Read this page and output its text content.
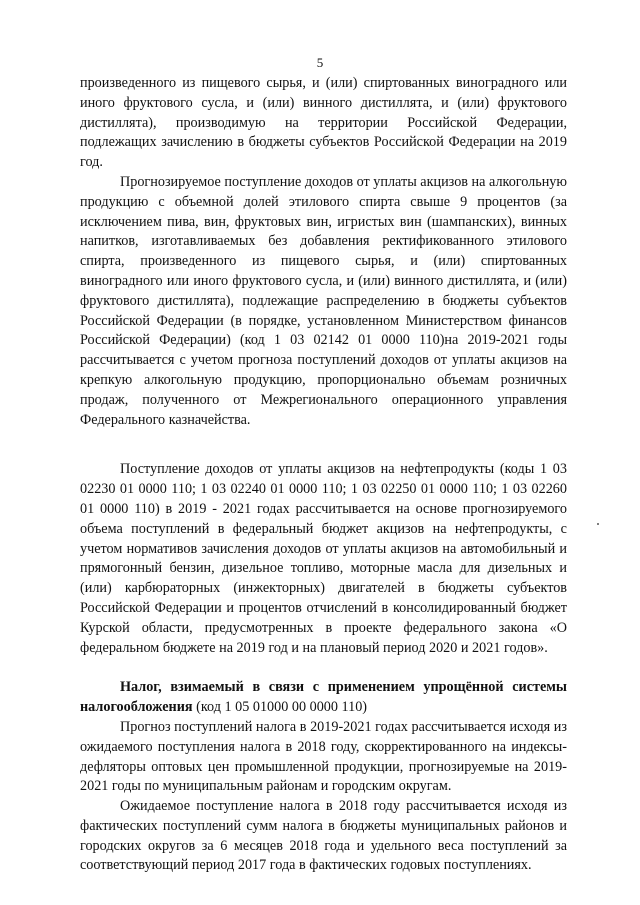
5

произведенного из пищевого сырья, и (или) спиртованных виноградного или иного фруктового сусла, и (или) винного дистиллята, и (или) фруктового дистиллята), производимую на территории Российской Федерации, подлежащих зачислению в бюджеты субъектов Российской Федерации на 2019 год.

Прогнозируемое поступление доходов от уплаты акцизов на алкогольную продукцию с объемной долей этилового спирта свыше 9 процентов (за исключением пива, вин, фруктовых вин, игристых вин (шампанских), винных напитков, изготавливаемых без добавления ректификованного этилового спирта, произведенного из пищевого сырья, и (или) спиртованных виноградного или иного фруктового сусла, и (или) винного дистиллята, и (или) фруктового дистиллята), подлежащие распределению в бюджеты субъектов Российской Федерации (в порядке, установленном Министерством финансов Российской Федерации) (код 1 03 02142 01 0000 110)на 2019-2021 годы рассчитывается с учетом прогноза поступлений доходов от уплаты акцизов на крепкую алкогольную продукцию, пропорционально объемам розничных продаж, полученного от Межрегионального операционного управления Федерального казначейства.

Поступление доходов от уплаты акцизов на нефтепродукты (коды 1 03 02230 01 0000 110; 1 03 02240 01 0000 110; 1 03 02250 01 0000 110; 1 03 02260 01 0000 110) в 2019 - 2021 годах рассчитывается на основе прогнозируемого объема поступлений в федеральный бюджет акцизов на нефтепродукты, с учетом нормативов зачисления доходов от уплаты акцизов на автомобильный и прямогонный бензин, дизельное топливо, моторные масла для дизельных и (или) карбюраторных (инжекторных) двигателей в бюджеты субъектов Российской Федерации и процентов отчислений в консолидированный бюджет Курской области, предусмотренных в проекте федерального закона «О федеральном бюджете на 2019 год и на плановый период 2020 и 2021 годов».

Налог, взимаемый в связи с применением упрощённой системы налогообложения (код 1 05 01000 00 0000 110)

Прогноз поступлений налога в 2019-2021 годах рассчитывается исходя из ожидаемого поступления налога в 2018 году, скорректированного на индексы-дефляторы оптовых цен промышленной продукции, прогнозируемые на 2019-2021 годы по муниципальным районам и городским округам.

Ожидаемое поступление налога в 2018 году рассчитывается исходя из фактических поступлений сумм налога в бюджеты муниципальных районов и городских округов за 6 месяцев 2018 года и удельного веса поступлений за соответствующий период 2017 года в фактических годовых поступлениях.
